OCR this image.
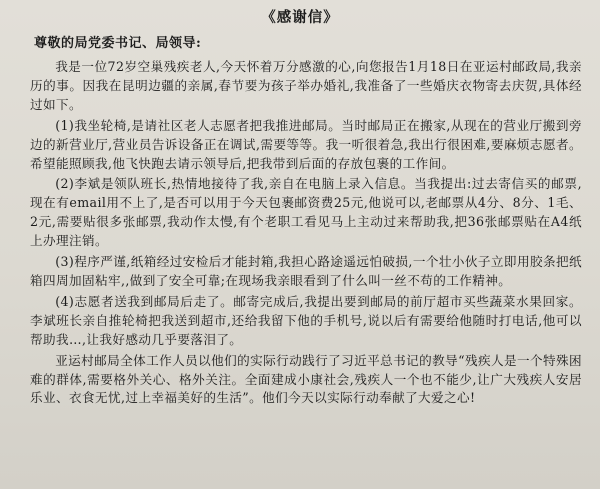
《感谢信》
尊敬的局党委书记、局领导:

我是一位72岁空巢残疾老人,今天怀着万分感激的心,向您报告1月18日在亚运村邮政局,我亲历的事。因我在昆明边疆的亲属,春节要为孩子举办婚礼,我准备了一些婚庆衣物寄去庆贺,具体经过如下。

(1)我坐轮椅,是请社区老人志愿者把我推进邮局。当时邮局正在搬家,从现在的营业厅搬到旁边的新营业厅,营业员告诉设备正在调试,需要等等。我一听很着急,我出行很困难,要麻烦志愿者。希望能照顾我,他飞快跑去请示领导后,把我带到后面的存放包裹的工作间。

(2)李斌是领队班长,热情地接待了我,亲自在电脑上录入信息。当我提出:过去寄信买的邮票,现在有email用不上了,是否可以用于今天包裹邮资费25元,他说可以,老邮票从4分、8分、1毛、2元,需要贴很多张邮票,我动作太慢,有个老职工看见马上主动过来帮助我,把36张邮票贴在A4纸上办理注销。

(3)程序严谨,纸箱经过安检后才能封箱,我担心路途遥远怕破损,一个壮小伙子立即用胶条把纸箱四周加固粘牢,,做到了安全可靠;在现场我亲眼看到了什么叫一丝不苟的工作精神。

(4)志愿者送我到邮局后走了。邮寄完成后,我提出要到邮局的前厅超市买些蔬菜水果回家。李斌班长亲自推轮椅把我送到超市,还给我留下他的手机号,说以后有需要给他随时打电话,他可以帮助我…,让我好感动几乎要落泪了。

亚运村邮局全体工作人员以他们的实际行动践行了习近平总书记的教导“残疾人是一个特殊困难的群体,需要格外关心、格外关注。全面建成小康社会,残疾人一个也不能少,让广大残疾人安居乐业、衣食无忧,过上幸福美好的生活”。他们今天以实际行动奉献了大爱之心!
